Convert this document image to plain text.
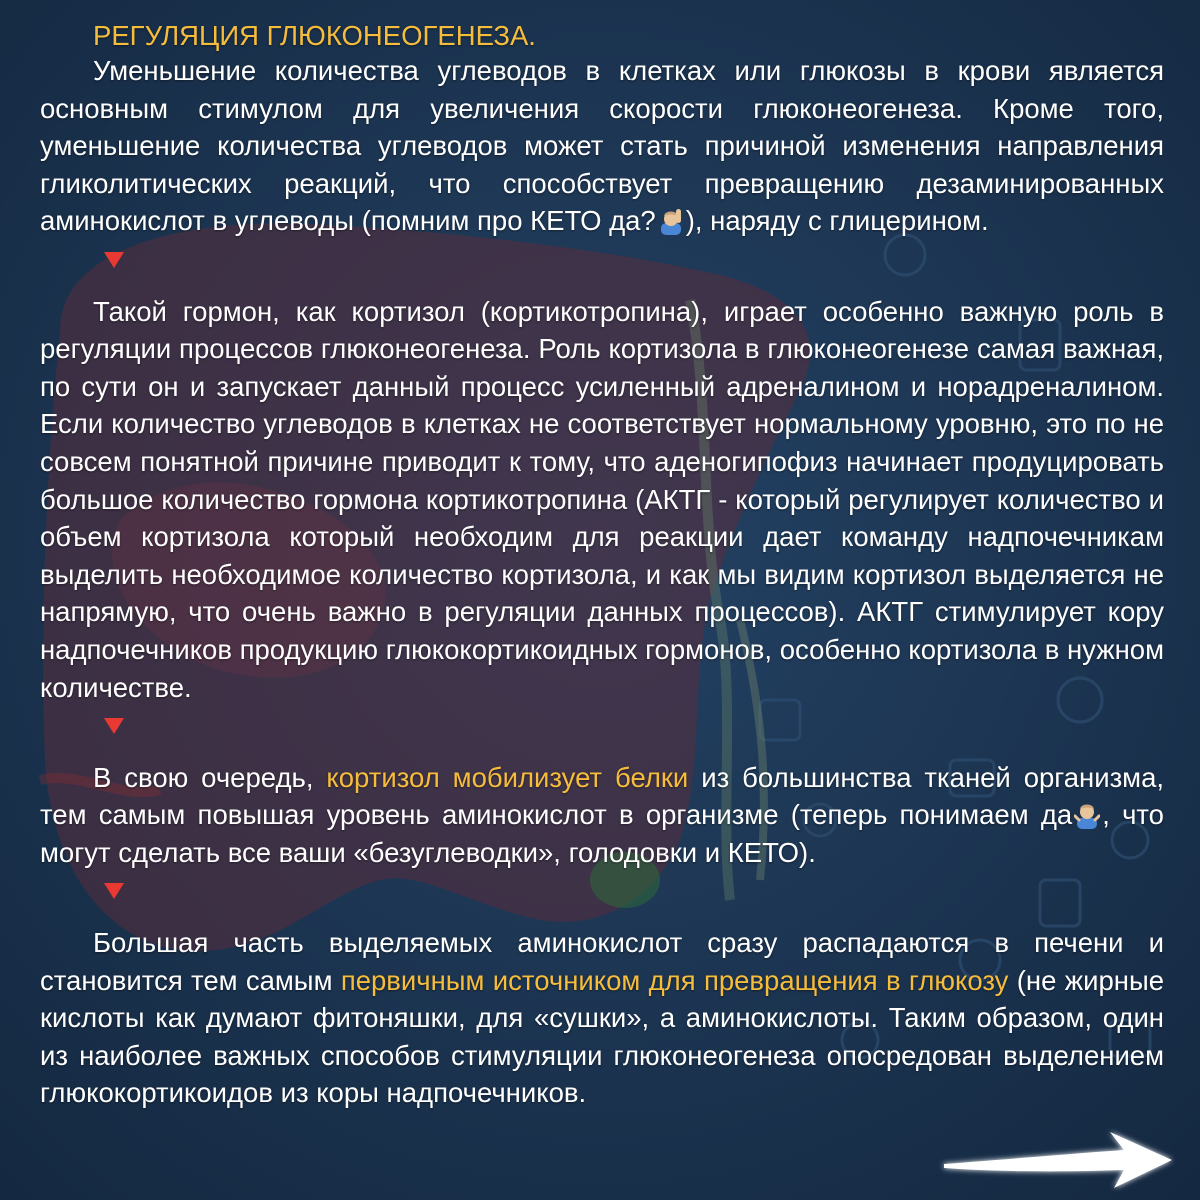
РЕГУЛЯЦИЯ ГЛЮКОНЕОГЕНЕЗА.

Уменьшение количества углеводов в клетках или глюкозы в крови является основным стимулом для увеличения скорости глюконеогенеза. Кроме того, уменьшение количества углеводов может стать причиной изменения направления гликолитических реакций, что способствует превращению дезаминированных аминокислот в углеводы (помним про КЕТО да? ), наряду с глицерином.

Такой гормон, как кортизол (кортикотропина), играет особенно важную роль в регуляции процессов глюконеогенеза. Роль кортизола в глюконеогенезе самая важная, по сути он и запускает данный процесс усиленный адреналином и норадреналином. Если количество углеводов в клетках не соответствует нормальному уровню, это по не совсем понятной причине приводит к тому, что аденогипофиз начинает продуцировать большое количество гормона кортикотропина (АКТГ - который регулирует количество и объем кортизола который необходим для реакции дает команду надпочечникам выделить необходимое количество кортизола, и как мы видим кортизол выделяется не напрямую, что очень важно в регуляции данных процессов). АКТГ стимулирует кору надпочечников продукцию глюкокортикоидных гормонов, особенно кортизола в нужном количестве.

В свою очередь, кортизол мобилизует белки из большинства тканей организма, тем самым повышая уровень аминокислот в организме (теперь понимаем да , что могут сделать все ваши «безуглеводки», голодовки и КЕТО).

Большая часть выделяемых аминокислот сразу распадаются в печени и становится тем самым первичным источником для превращения в глюкозу (не жирные кислоты как думают фитоняшки, для «сушки», а аминокислоты. Таким образом, один из наиболее важных способов стимуляции глюконеогенеза опосредован выделением глюкокортикоидов из коры надпочечников.
